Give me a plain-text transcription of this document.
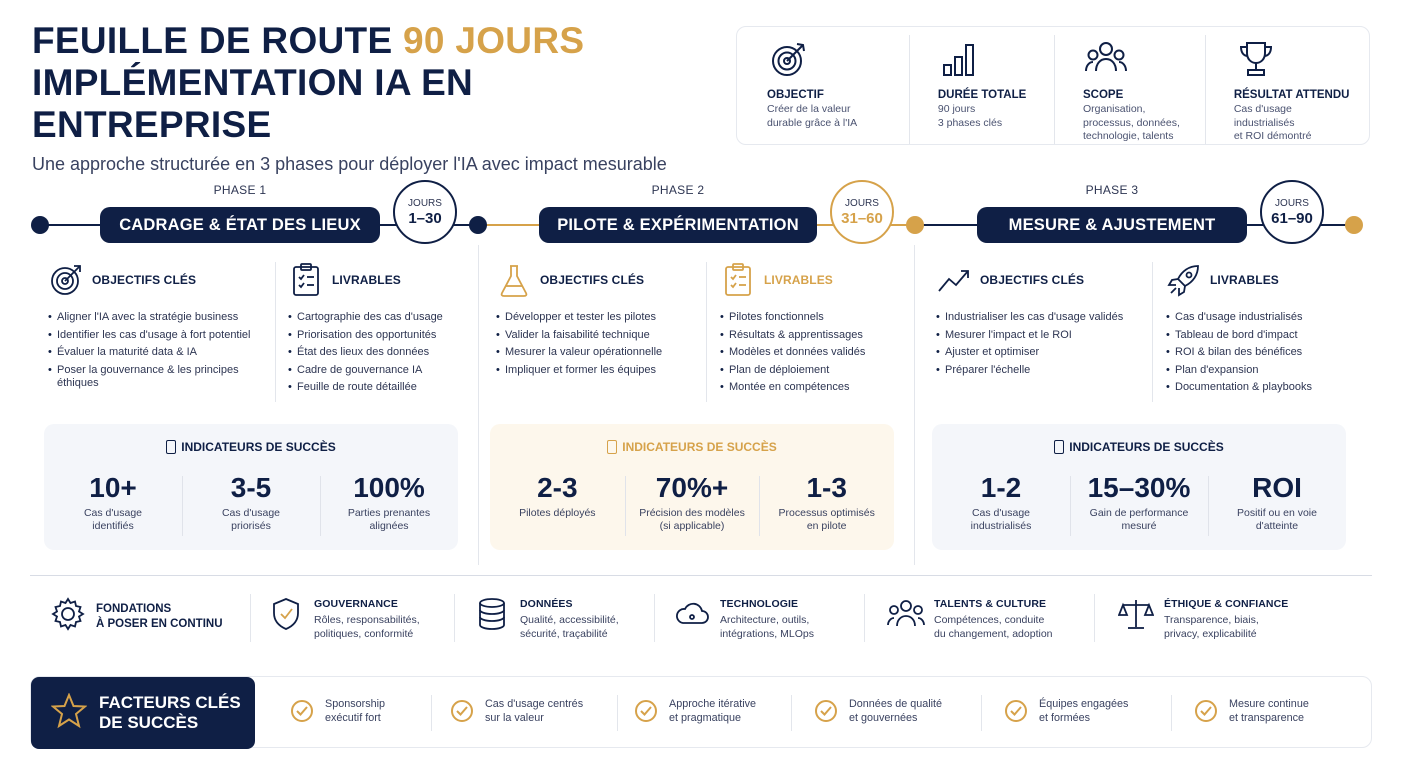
FEUILLE DE ROUTE 90 JOURS
IMPLÉMENTATION IA EN ENTREPRISE

Une approche structurée en 3 phases pour déployer l'IA avec impact mesurable

OBJECTIF
Créer de la valeur
durable grâce à l'IA
DURÉE TOTALE
90 jours
3 phases clés
SCOPE
Organisation,
processus, données,
technologie, talents
RÉSULTAT ATTENDU
Cas d'usage industrialisés
et ROI démontré
PHASE 1
CADRAGE & ÉTAT DES LIEUX
JOURS
1–30
PHASE 2
PILOTE & EXPÉRIMENTATION
JOURS
31–60
PHASE 3
MESURE & AJUSTEMENT
JOURS
61–90
OBJECTIFS CLÉS
• Aligner l'IA avec la stratégie business
• Identifier les cas d'usage à fort potentiel
• Évaluer la maturité data & IA
• Poser la gouvernance & les principes éthiques
LIVRABLES
• Cartographie des cas d'usage
• Priorisation des opportunités
• État des lieux des données
• Cadre de gouvernance IA
• Feuille de route détaillée
INDICATEURS DE SUCCÈS
10+
Cas d'usage
identifiés
3-5
Cas d'usage
priorisés
100%
Parties prenantes
alignées
OBJECTIFS CLÉS
• Développer et tester les pilotes
• Valider la faisabilité technique
• Mesurer la valeur opérationnelle
• Impliquer et former les équipes
LIVRABLES
• Pilotes fonctionnels
• Résultats & apprentissages
• Modèles et données validés
• Plan de déploiement
• Montée en compétences
INDICATEURS DE SUCCÈS
2-3
Pilotes déployés
70%+
Précision des modèles
(si applicable)
1-3
Processus optimisés
en pilote
OBJECTIFS CLÉS
• Industrialiser les cas d'usage validés
• Mesurer l'impact et le ROI
• Ajuster et optimiser
• Préparer l'échelle
LIVRABLES
• Cas d'usage industrialisés
• Tableau de bord d'impact
• ROI & bilan des bénéfices
• Plan d'expansion
• Documentation & playbooks
INDICATEURS DE SUCCÈS
1-2
Cas d'usage
industrialisés
15–30%
Gain de performance
mesuré
ROI
Positif ou en voie
d'atteinte
FONDATIONS
À POSER EN CONTINU
GOUVERNANCE
Rôles, responsabilités,
politiques, conformité
DONNÉES
Qualité, accessibilité,
sécurité, traçabilité
TECHNOLOGIE
Architecture, outils,
intégrations, MLOps
TALENTS & CULTURE
Compétences, conduite
du changement, adoption
ÉTHIQUE & CONFIANCE
Transparence, biais,
privacy, explicabilité
FACTEURS CLÉS
DE SUCCÈS
Sponsorship
exécutif fort
Cas d'usage centrés
sur la valeur
Approche itérative
et pragmatique
Données de qualité
et gouvernées
Équipes engagées
et formées
Mesure continue
et transparence
